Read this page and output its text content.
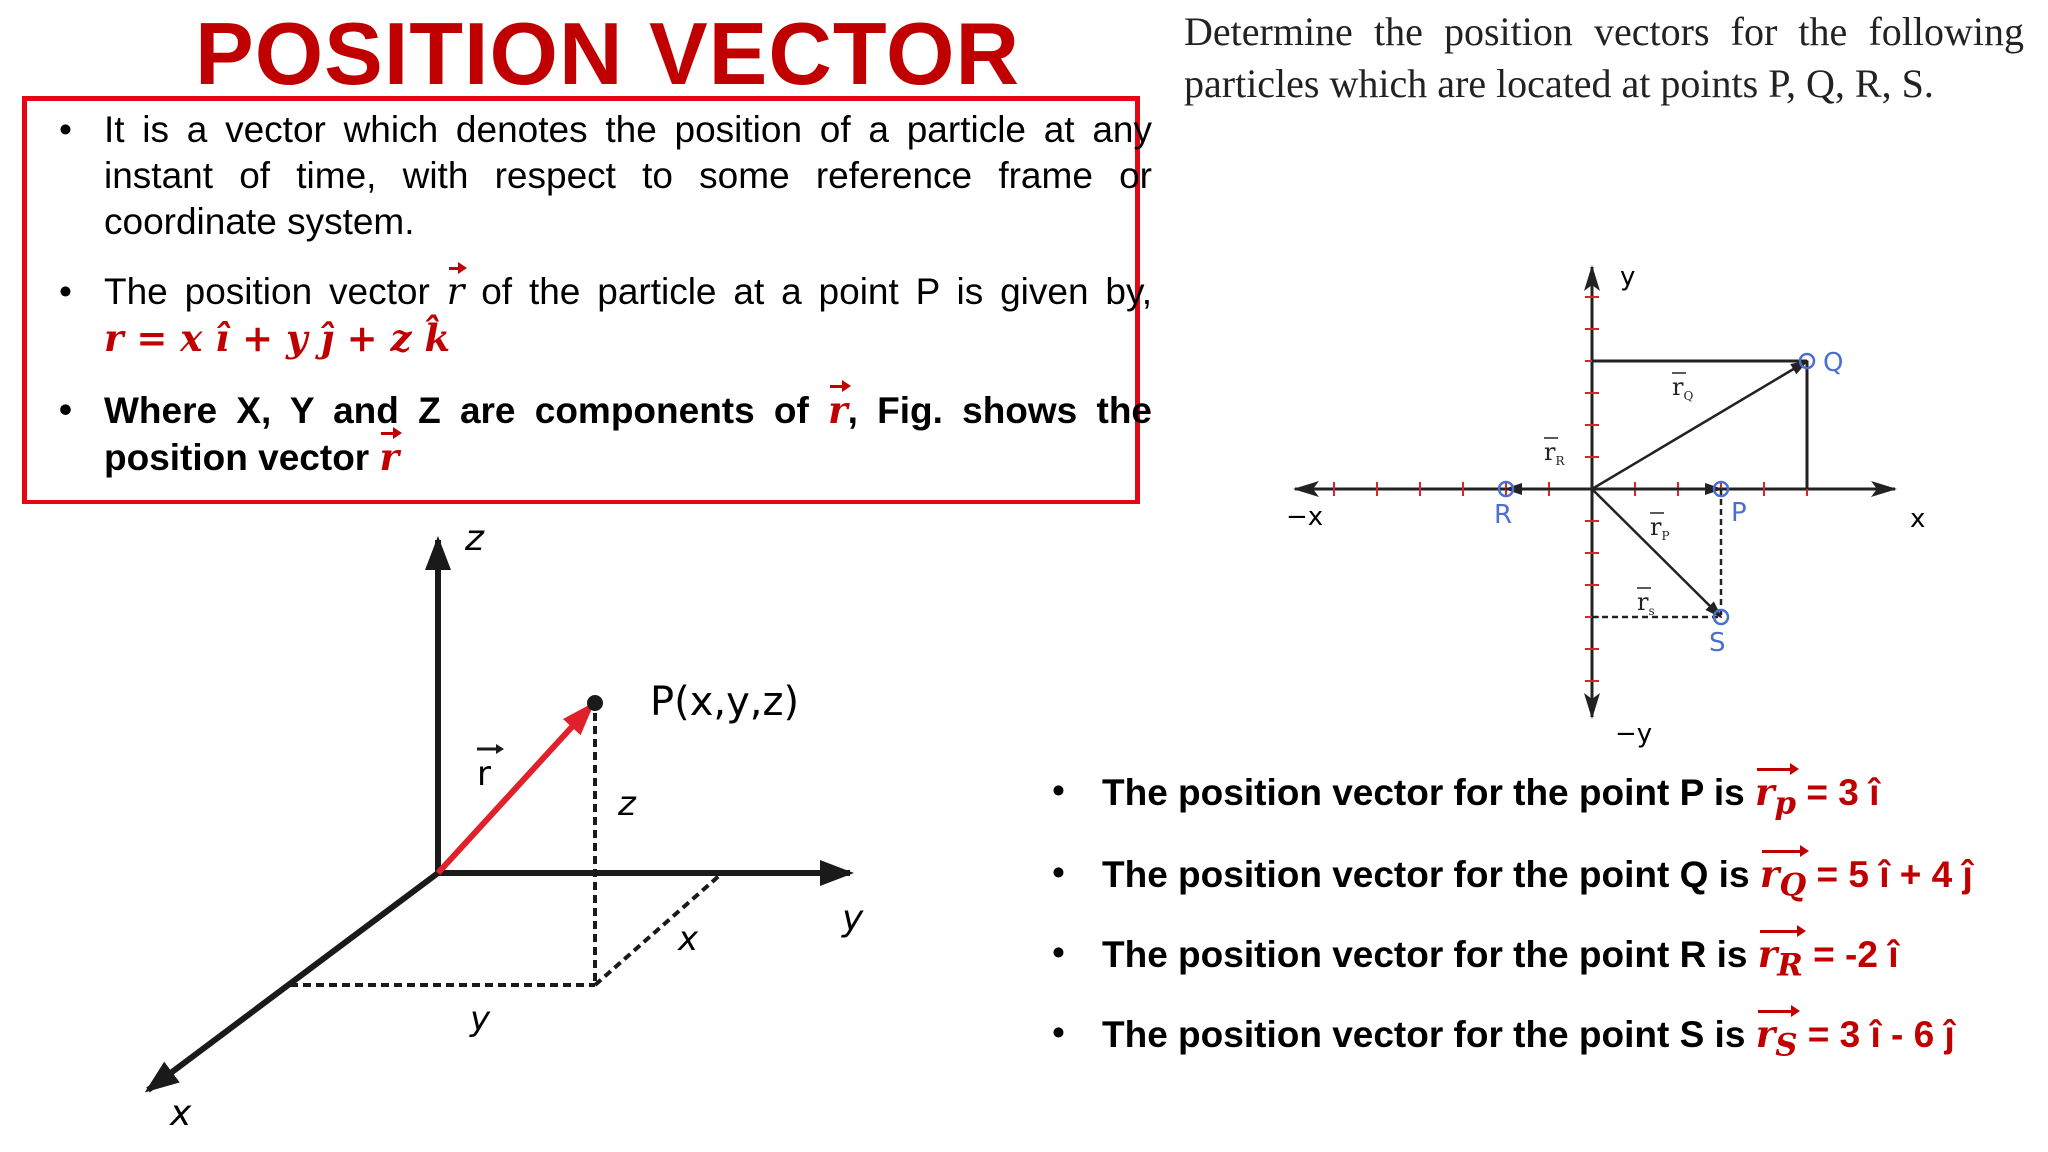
POSITION VECTOR
• It is a vector which denotes the position of a particle at any instant of time, with respect to some reference frame or coordinate system.
• The position vector r of the particle at a point P is given by,
r = x î + y ĵ + z k̂
• Where X, Y and Z are components of r, Fig. shows the position vector r
Determine the position vectors for the following particles which are located at points P, Q, R, S.
z
y
x
r
P(x,y,z)
z
x
y
y
−y
x
−x	P
Q
R
S
$r_Q$
$r_R$
$r_P$
$r_s$
• The position vector for the point P is $r_p = 3$ î
• The position vector for the point Q is $r_Q = 5$ î + 4 ĵ
• The position vector for the point R is $r_R = -2$ î
• The position vector for the point S is $r_S = 3$ î - 6 ĵ
